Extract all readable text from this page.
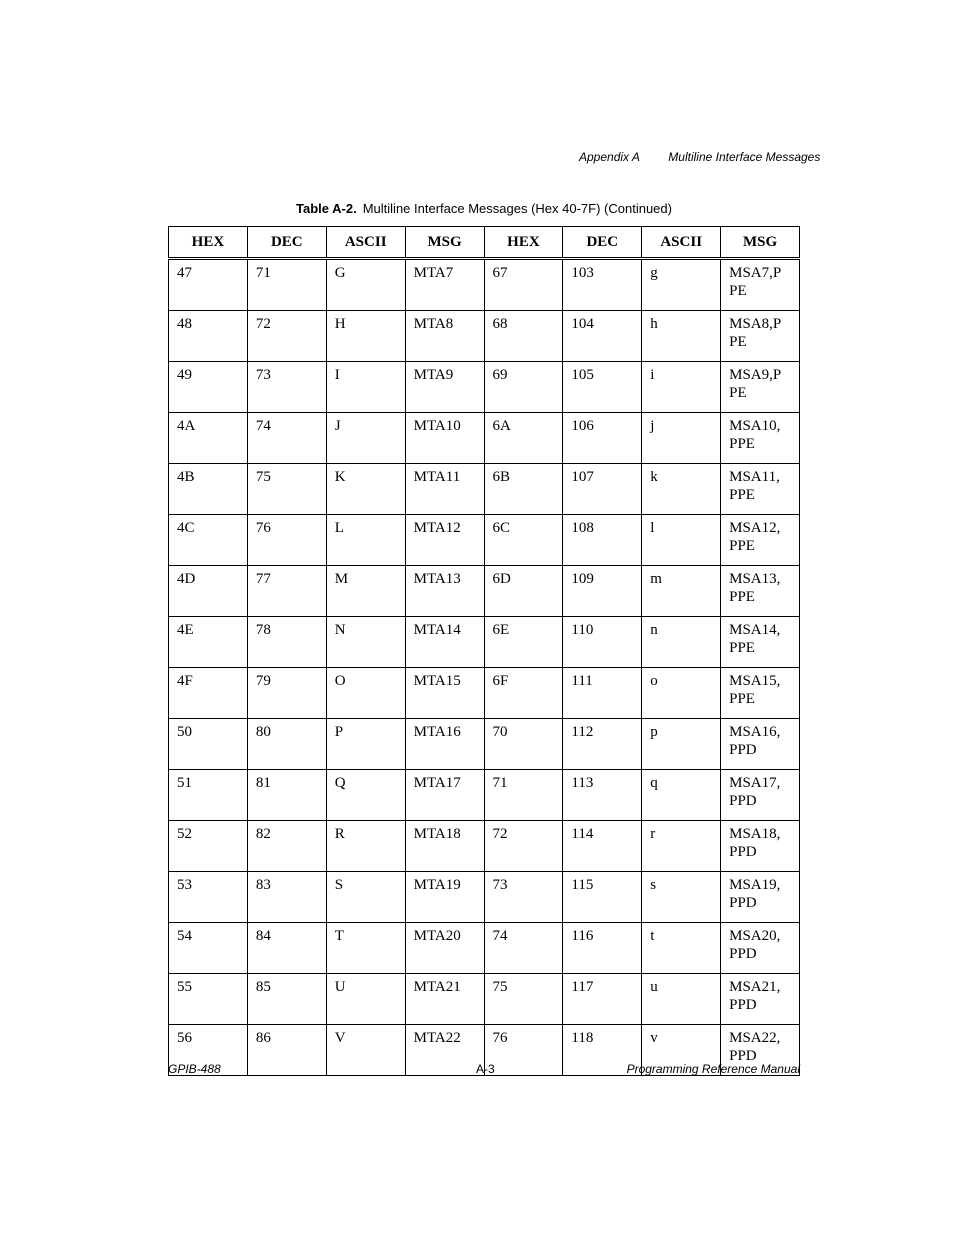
Appendix A Multiline Interface Messages
Table A-2. Multiline Interface Messages (Hex 40-7F) (Continued)
HEX	DEC	ASCII	MSG	HEX	DEC	ASCII	MSG
47	71	G	MTA7	67	103	g	MSA7,P PE
48	72	H	MTA8	68	104	h	MSA8,P PE
49	73	I	MTA9	69	105	i	MSA9,P PE
4A	74	J	MTA10	6A	106	j	MSA10, PPE
4B	75	K	MTA11	6B	107	k	MSA11, PPE
4C	76	L	MTA12	6C	108	l	MSA12, PPE
4D	77	M	MTA13	6D	109	m	MSA13, PPE
4E	78	N	MTA14	6E	110	n	MSA14, PPE
4F	79	O	MTA15	6F	111	o	MSA15, PPE
50	80	P	MTA16	70	112	p	MSA16, PPD
51	81	Q	MTA17	71	113	q	MSA17, PPD
52	82	R	MTA18	72	114	r	MSA18, PPD
53	83	S	MTA19	73	115	s	MSA19, PPD
54	84	T	MTA20	74	116	t	MSA20, PPD
55	85	U	MTA21	75	117	u	MSA21, PPD
56	86	V	MTA22	76	118	v	MSA22, PPD
GPIB-488	A-3	Programming Reference Manual
